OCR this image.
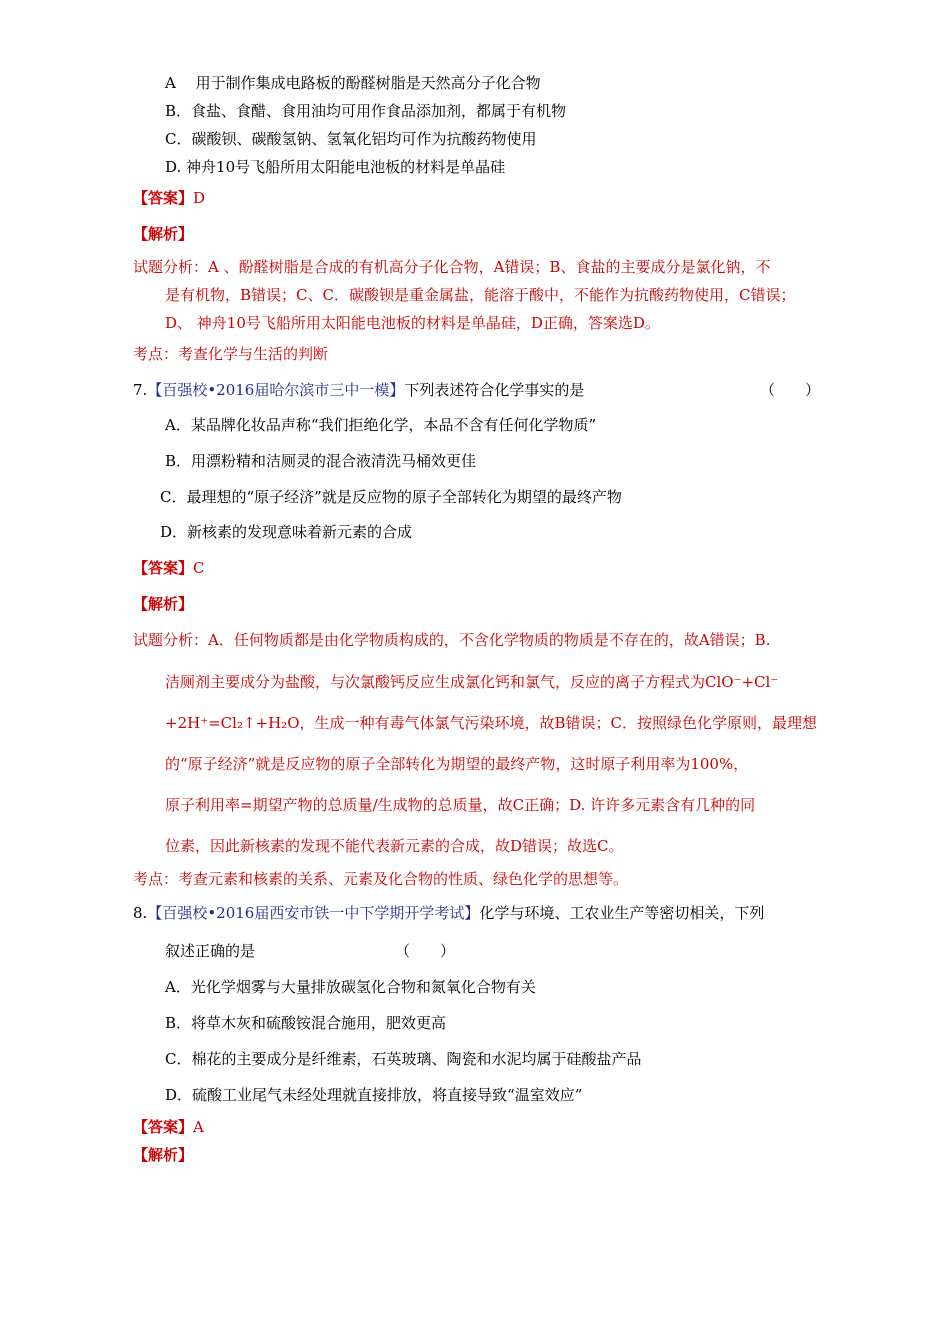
A 　用于制作集成电路板的酚醛树脂是天然高分子化合物
B．食盐、食醋、食用油均可用作食品添加剂，都属于有机物
C．碳酸钡、碳酸氢钠、氢氧化铝均可作为抗酸药物使用
D. 神舟10号飞船所用太阳能电池板的材料是单晶硅
【答案】D
【解析】
试题分析：A 、酚醛树脂是合成的有机高分子化合物，A错误；B、食盐的主要成分是氯化钠，不
是有机物，B错误；C、C．碳酸钡是重金属盐，能溶于酸中，不能作为抗酸药物使用，C错误；
D、 神舟10号飞船所用太阳能电池板的材料是单晶硅，D正确，答案选D。
考点：考查化学与生活的判断
7.【百强校•2016届哈尔滨市三中一模】下列表述符合化学事实的是	（　　）
A．某品牌化妆品声称“我们拒绝化学，本品不含有任何化学物质”
B．用漂粉精和洁厕灵的混合液清洗马桶效更佳
C．最理想的“原子经济”就是反应物的原子全部转化为期望的最终产物
D．新核素的发现意味着新元素的合成
【答案】C
【解析】
试题分析：A．任何物质都是由化学物质构成的，不含化学物质的物质是不存在的，故A错误；B.
洁厕剂主要成分为盐酸，与次氯酸钙反应生成氯化钙和氯气，反应的离子方程式为ClO⁻+Cl⁻
+2H⁺=Cl₂↑+H₂O，生成一种有毒气体氯气污染环境，故B错误；C．按照绿色化学原则，最理想
的“原子经济”就是反应物的原子全部转化为期望的最终产物，这时原子利用率为100%，
原子利用率=期望产物的总质量/生成物的总质量，故C正确；D. 许许多元素含有几种的同
位素，因此新核素的发现不能代表新元素的合成，故D错误；故选C。
考点：考查元素和核素的关系、元素及化合物的性质、绿色化学的思想等。
8.【百强校•2016届西安市铁一中下学期开学考试】化学与环境、工农业生产等密切相关，下列
叙述正确的是	（　　）
A．光化学烟雾与大量排放碳氢化合物和氮氧化合物有关
B．将草木灰和硫酸铵混合施用，肥效更高
C．棉花的主要成分是纤维素，石英玻璃、陶瓷和水泥均属于硅酸盐产品
D．硫酸工业尾气未经处理就直接排放，将直接导致“温室效应”
【答案】A
【解析】
